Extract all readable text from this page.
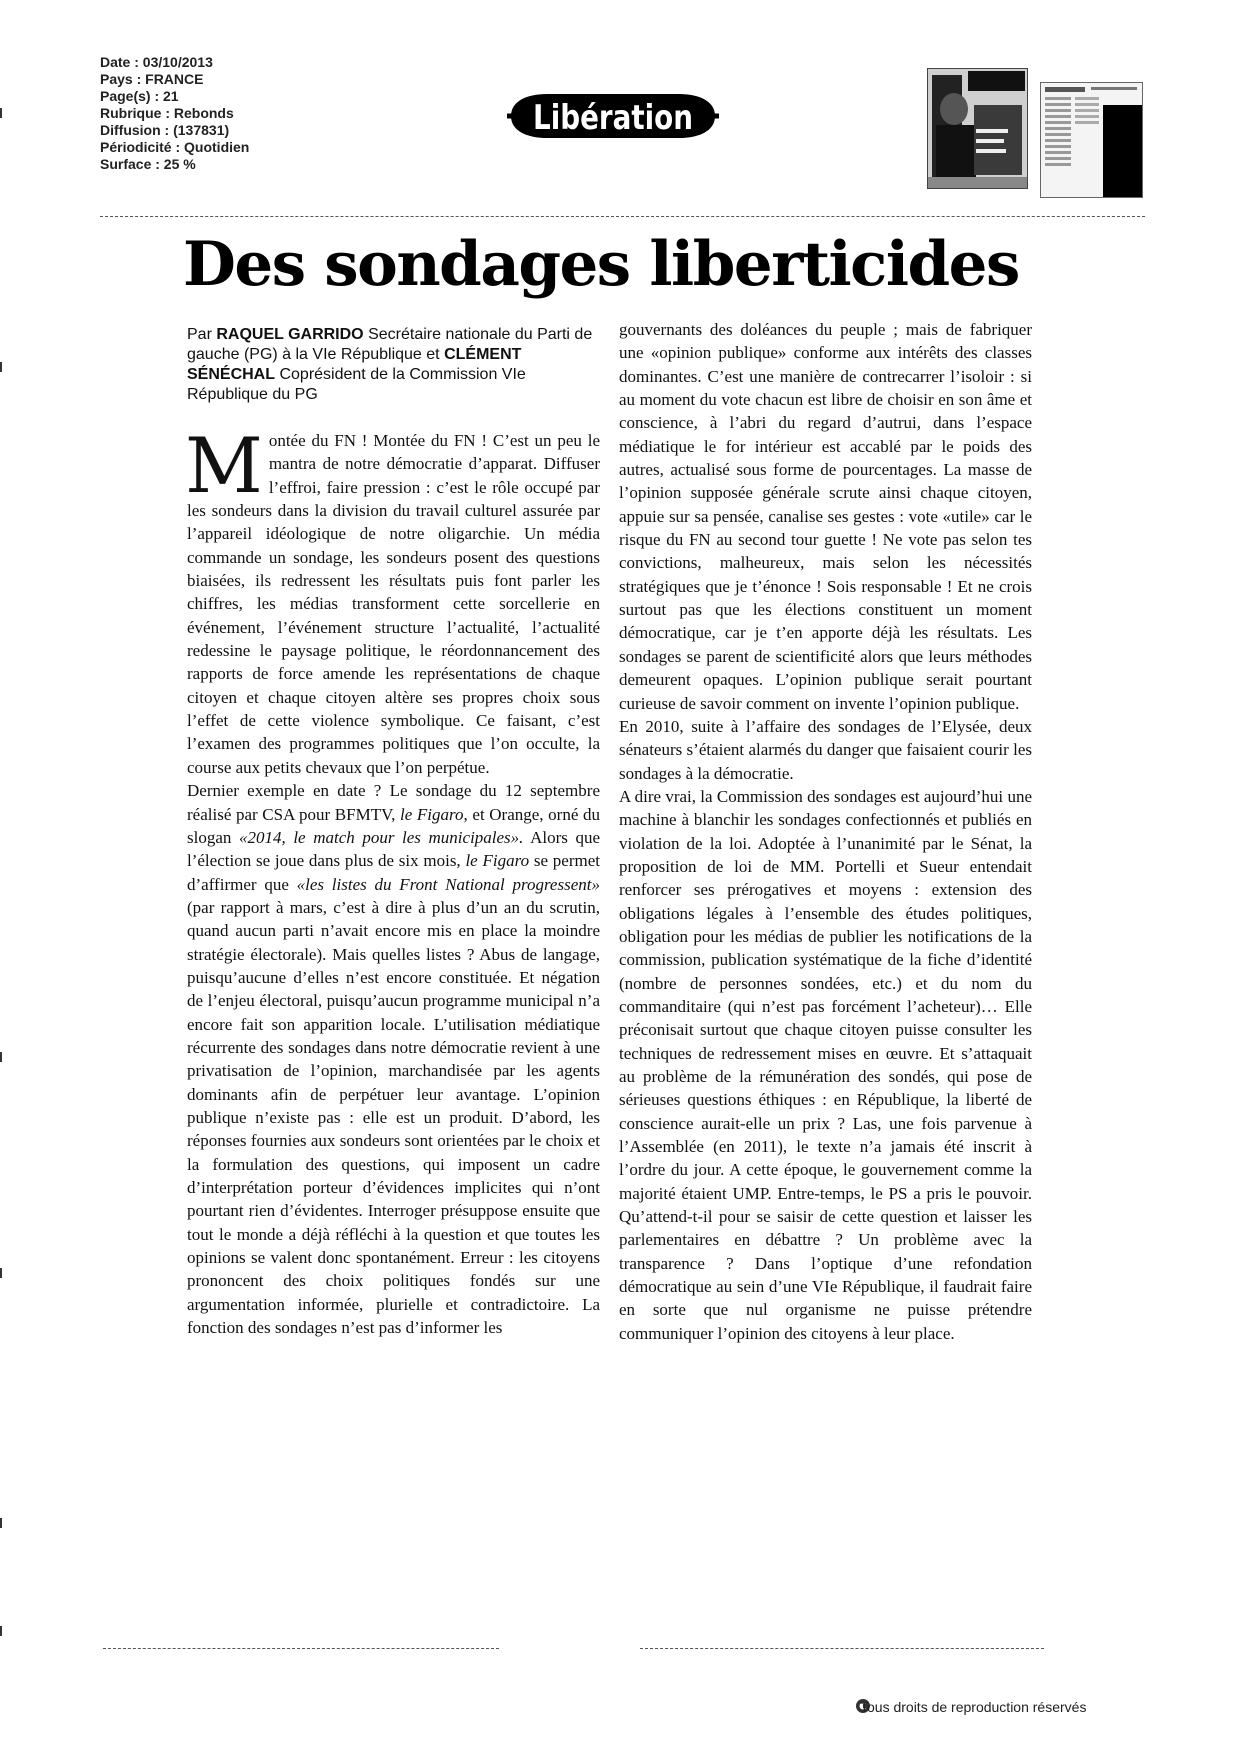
Date : 03/10/2013
Pays : FRANCE
Page(s) : 21
Rubrique : Rebonds
Diffusion : (137831)
Périodicité : Quotidien
Surface : 25 %
Libération
Des sondages liberticides
Par RAQUEL GARRIDO Secrétaire nationale du Parti de gauche (PG) à la VIe République et CLÉMENT SÉNÉCHAL Coprésident de la Commission VIe République du PG

Montée du FN ! Montée du FN ! C’est un peu le mantra de notre démocratie d’apparat. Diffuser l’effroi, faire pression : c’est le rôle occupé par les sondeurs dans la division du travail culturel assurée par l’appareil idéologique de notre oligarchie. Un média commande un sondage, les sondeurs posent des questions biaisées, ils redressent les résultats puis font parler les chiffres, les médias transforment cette sorcellerie en événement, l’événement structure l’actualité, l’actualité redessine le paysage politique, le réordonnancement des rapports de force amende les représentations de chaque citoyen et chaque citoyen altère ses propres choix sous l’effet de cette violence symbolique. Ce faisant, c’est l’examen des programmes politiques que l’on occulte, la course aux petits chevaux que l’on perpétue.

Dernier exemple en date ? Le sondage du 12 septembre réalisé par CSA pour BFMTV, le Figaro, et Orange, orné du slogan «2014, le match pour les municipales». Alors que l’élection se joue dans plus de six mois, le Figaro se permet d’affirmer que «les listes du Front National progressent» (par rapport à mars, c’est à dire à plus d’un an du scrutin, quand aucun parti n’avait encore mis en place la moindre stratégie électorale). Mais quelles listes ? Abus de langage, puisqu’aucune d’elles n’est encore constituée. Et négation de l’enjeu électoral, puisqu’aucun programme municipal n’a encore fait son apparition locale. L’utilisation médiatique récurrente des sondages dans notre démocratie revient à une privatisation de l’opinion, marchandisée par les agents dominants afin de perpétuer leur avantage. L’opinion publique n’existe pas : elle est un produit. D’abord, les réponses fournies aux sondeurs sont orientées par le choix et la formulation des questions, qui imposent un cadre d’interprétation porteur d’évidences implicites qui n’ont pourtant rien d’évidentes. Interroger présuppose ensuite que tout le monde a déjà réfléchi à la question et que toutes les opinions se valent donc spontanément. Erreur : les citoyens prononcent des choix politiques fondés sur une argumentation informée, plurielle et contradictoire. La fonction des sondages n’est pas d’informer les

gouvernants des doléances du peuple ; mais de fabriquer une «opinion publique» conforme aux intérêts des classes dominantes. C’est une manière de contrecarrer l’isoloir : si au moment du vote chacun est libre de choisir en son âme et conscience, à l’abri du regard d’autrui, dans l’espace médiatique le for intérieur est accablé par le poids des autres, actualisé sous forme de pourcentages. La masse de l’opinion supposée générale scrute ainsi chaque citoyen, appuie sur sa pensée, canalise ses gestes : vote «utile» car le risque du FN au second tour guette ! Ne vote pas selon tes convictions, malheureux, mais selon les nécessités stratégiques que je t’énonce ! Sois responsable ! Et ne crois surtout pas que les élections constituent un moment démocratique, car je t’en apporte déjà les résultats. Les sondages se parent de scientificité alors que leurs méthodes demeurent opaques. L’opinion publique serait pourtant curieuse de savoir comment on invente l’opinion publique.

En 2010, suite à l’affaire des sondages de l’Elysée, deux sénateurs s’étaient alarmés du danger que faisaient courir les sondages à la démocratie.

A dire vrai, la Commission des sondages est aujourd’hui une machine à blanchir les sondages confectionnés et publiés en violation de la loi. Adoptée à l’unanimité par le Sénat, la proposition de loi de MM. Portelli et Sueur entendait renforcer ses prérogatives et moyens : extension des obligations légales à l’ensemble des études politiques, obligation pour les médias de publier les notifications de la commission, publication systématique de la fiche d’identité (nombre de personnes sondées, etc.) et du nom du commanditaire (qui n’est pas forcément l’acheteur)… Elle préconisait surtout que chaque citoyen puisse consulter les techniques de redressement mises en œuvre. Et s’attaquait au problème de la rémunération des sondés, qui pose de sérieuses questions éthiques : en République, la liberté de conscience aurait-elle un prix ? Las, une fois parvenue à l’Assemblée (en 2011), le texte n’a jamais été inscrit à l’ordre du jour. A cette époque, le gouvernement comme la majorité étaient UMP. Entre-temps, le PS a pris le pouvoir. Qu’attend-t-il pour se saisir de cette question et laisser les parlementaires en débattre ? Un problème avec la transparence ? Dans l’optique d’une refondation démocratique au sein d’une VIe République, il faudrait faire en sorte que nul organisme ne puisse prétendre communiquer l’opinion des citoyens à leur place.

Tous droits de reproduction réservés
